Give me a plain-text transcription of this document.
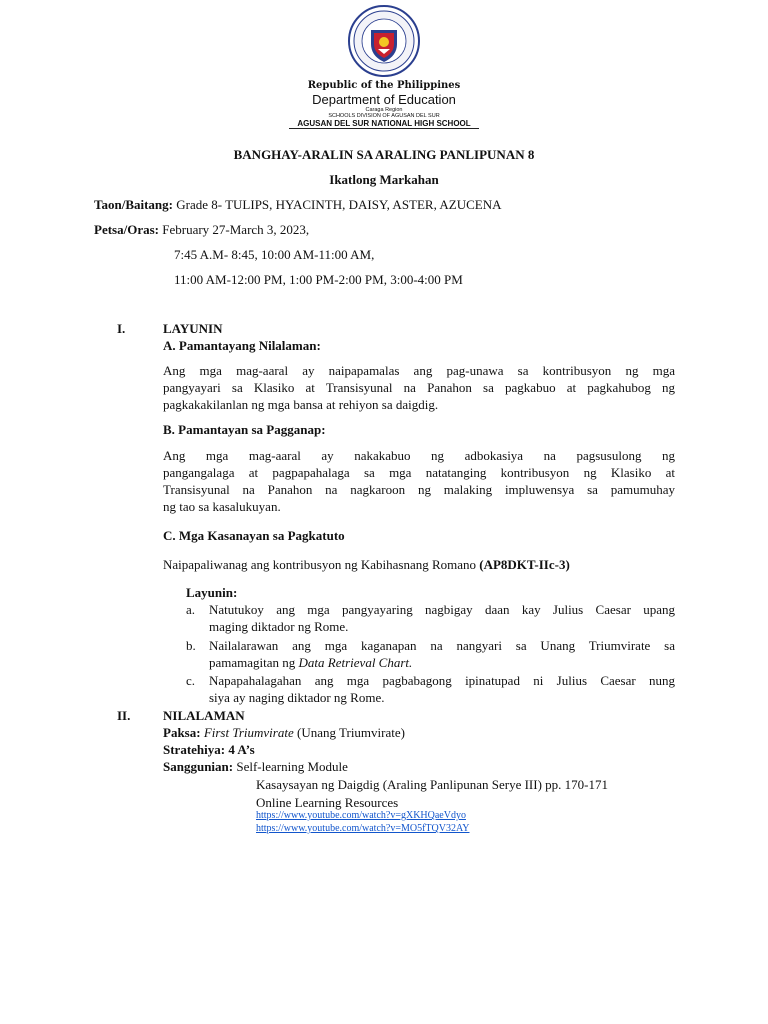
Republic of the Philippines
Department of Education
Caraga Region
SCHOOLS DIVISION OF AGUSAN DEL SUR
AGUSAN DEL SUR NATIONAL HIGH SCHOOL
BANGHAY-ARALIN SA ARALING PANLIPUNAN 8
Ikatlong Markahan
Taon/Baitang: Grade 8- TULIPS, HYACINTH, DAISY, ASTER, AZUCENA
Petsa/Oras: February 27-March 3, 2023,
7:45 A.M- 8:45, 10:00 AM-11:00 AM,
11:00 AM-12:00 PM, 1:00 PM-2:00 PM, 3:00-4:00 PM
I.	LAYUNIN
A. Pamantayang Nilalaman:
Ang mga mag-aaral ay naipapamalas ang pag-unawa sa kontribusyon ng mga
pangyayari sa Klasiko at Transisyunal na Panahon sa pagkabuo at pagkahubog ng
pagkakakilanlan ng mga bansa at rehiyon sa daigdig.
B. Pamantayan sa Pagganap:
Ang mga mag-aaral ay nakakabuo ng adbokasiya na pagsusulong ng
pangangalaga at pagpapahalaga sa mga natatanging kontribusyon ng Klasiko at
Transisyunal na Panahon na nagkaroon ng malaking impluwensya sa pamumuhay
ng tao sa kasalukuyan.
C. Mga Kasanayan sa Pagkatuto
Naipapaliwanag ang kontribusyon ng Kabihasnang Romano (AP8DKT-IIc-3)
Layunin:
a. Natutukoy ang mga pangyayaring nagbigay daan kay Julius Caesar upang
maging diktador ng Rome.
b. Nailalarawan ang mga kaganapan na nangyari sa Unang Triumvirate sa
pamamagitan ng Data Retrieval Chart.
c. Napapahalagahan ang mga pagbabagong ipinatupad ni Julius Caesar nung
siya ay naging diktador ng Rome.
II.	NILALAMAN
Paksa: First Triumvirate (Unang Triumvirate)
Stratehiya: 4 A’s
Sanggunian: Self-learning Module
Kasaysayan ng Daigdig (Araling Panlipunan Serye III) pp. 170-171
Online Learning Resources
https://www.youtube.com/watch?v=gXKHQaeVdyo
https://www.youtube.com/watch?v=MO5fTQV32AY
